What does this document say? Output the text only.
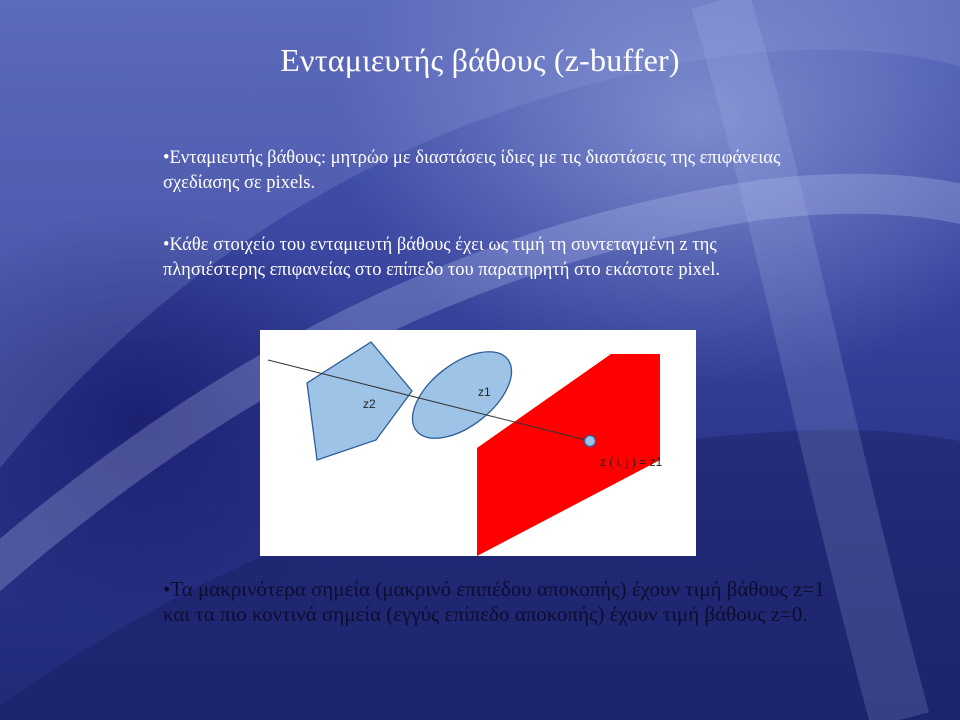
Ενταμιευτής βάθους (z-buffer)
•Ενταμιευτής βάθους: μητρώο με διαστάσεις ίδιες με τις διαστάσεις της επιφάνειας σχεδίασης σε pixels.
•Κάθε στοιχείο του ενταμιευτή βάθους έχει ως τιμή τη συντεταγμένη z της πλησιέστερης επιφανείας στο επίπεδο του παρατηρητή στο εκάστοτε pixel.
z2
z1
z ( i, j ) = z1
•Τα μακρινότερα σημεία (μακρινό επιπέδου αποκοπής) έχουν τιμή βάθους z=1 και τα πιο κοντινά σημεία (εγγύς επίπεδο αποκοπής) έχουν τιμή βάθους z=0.
